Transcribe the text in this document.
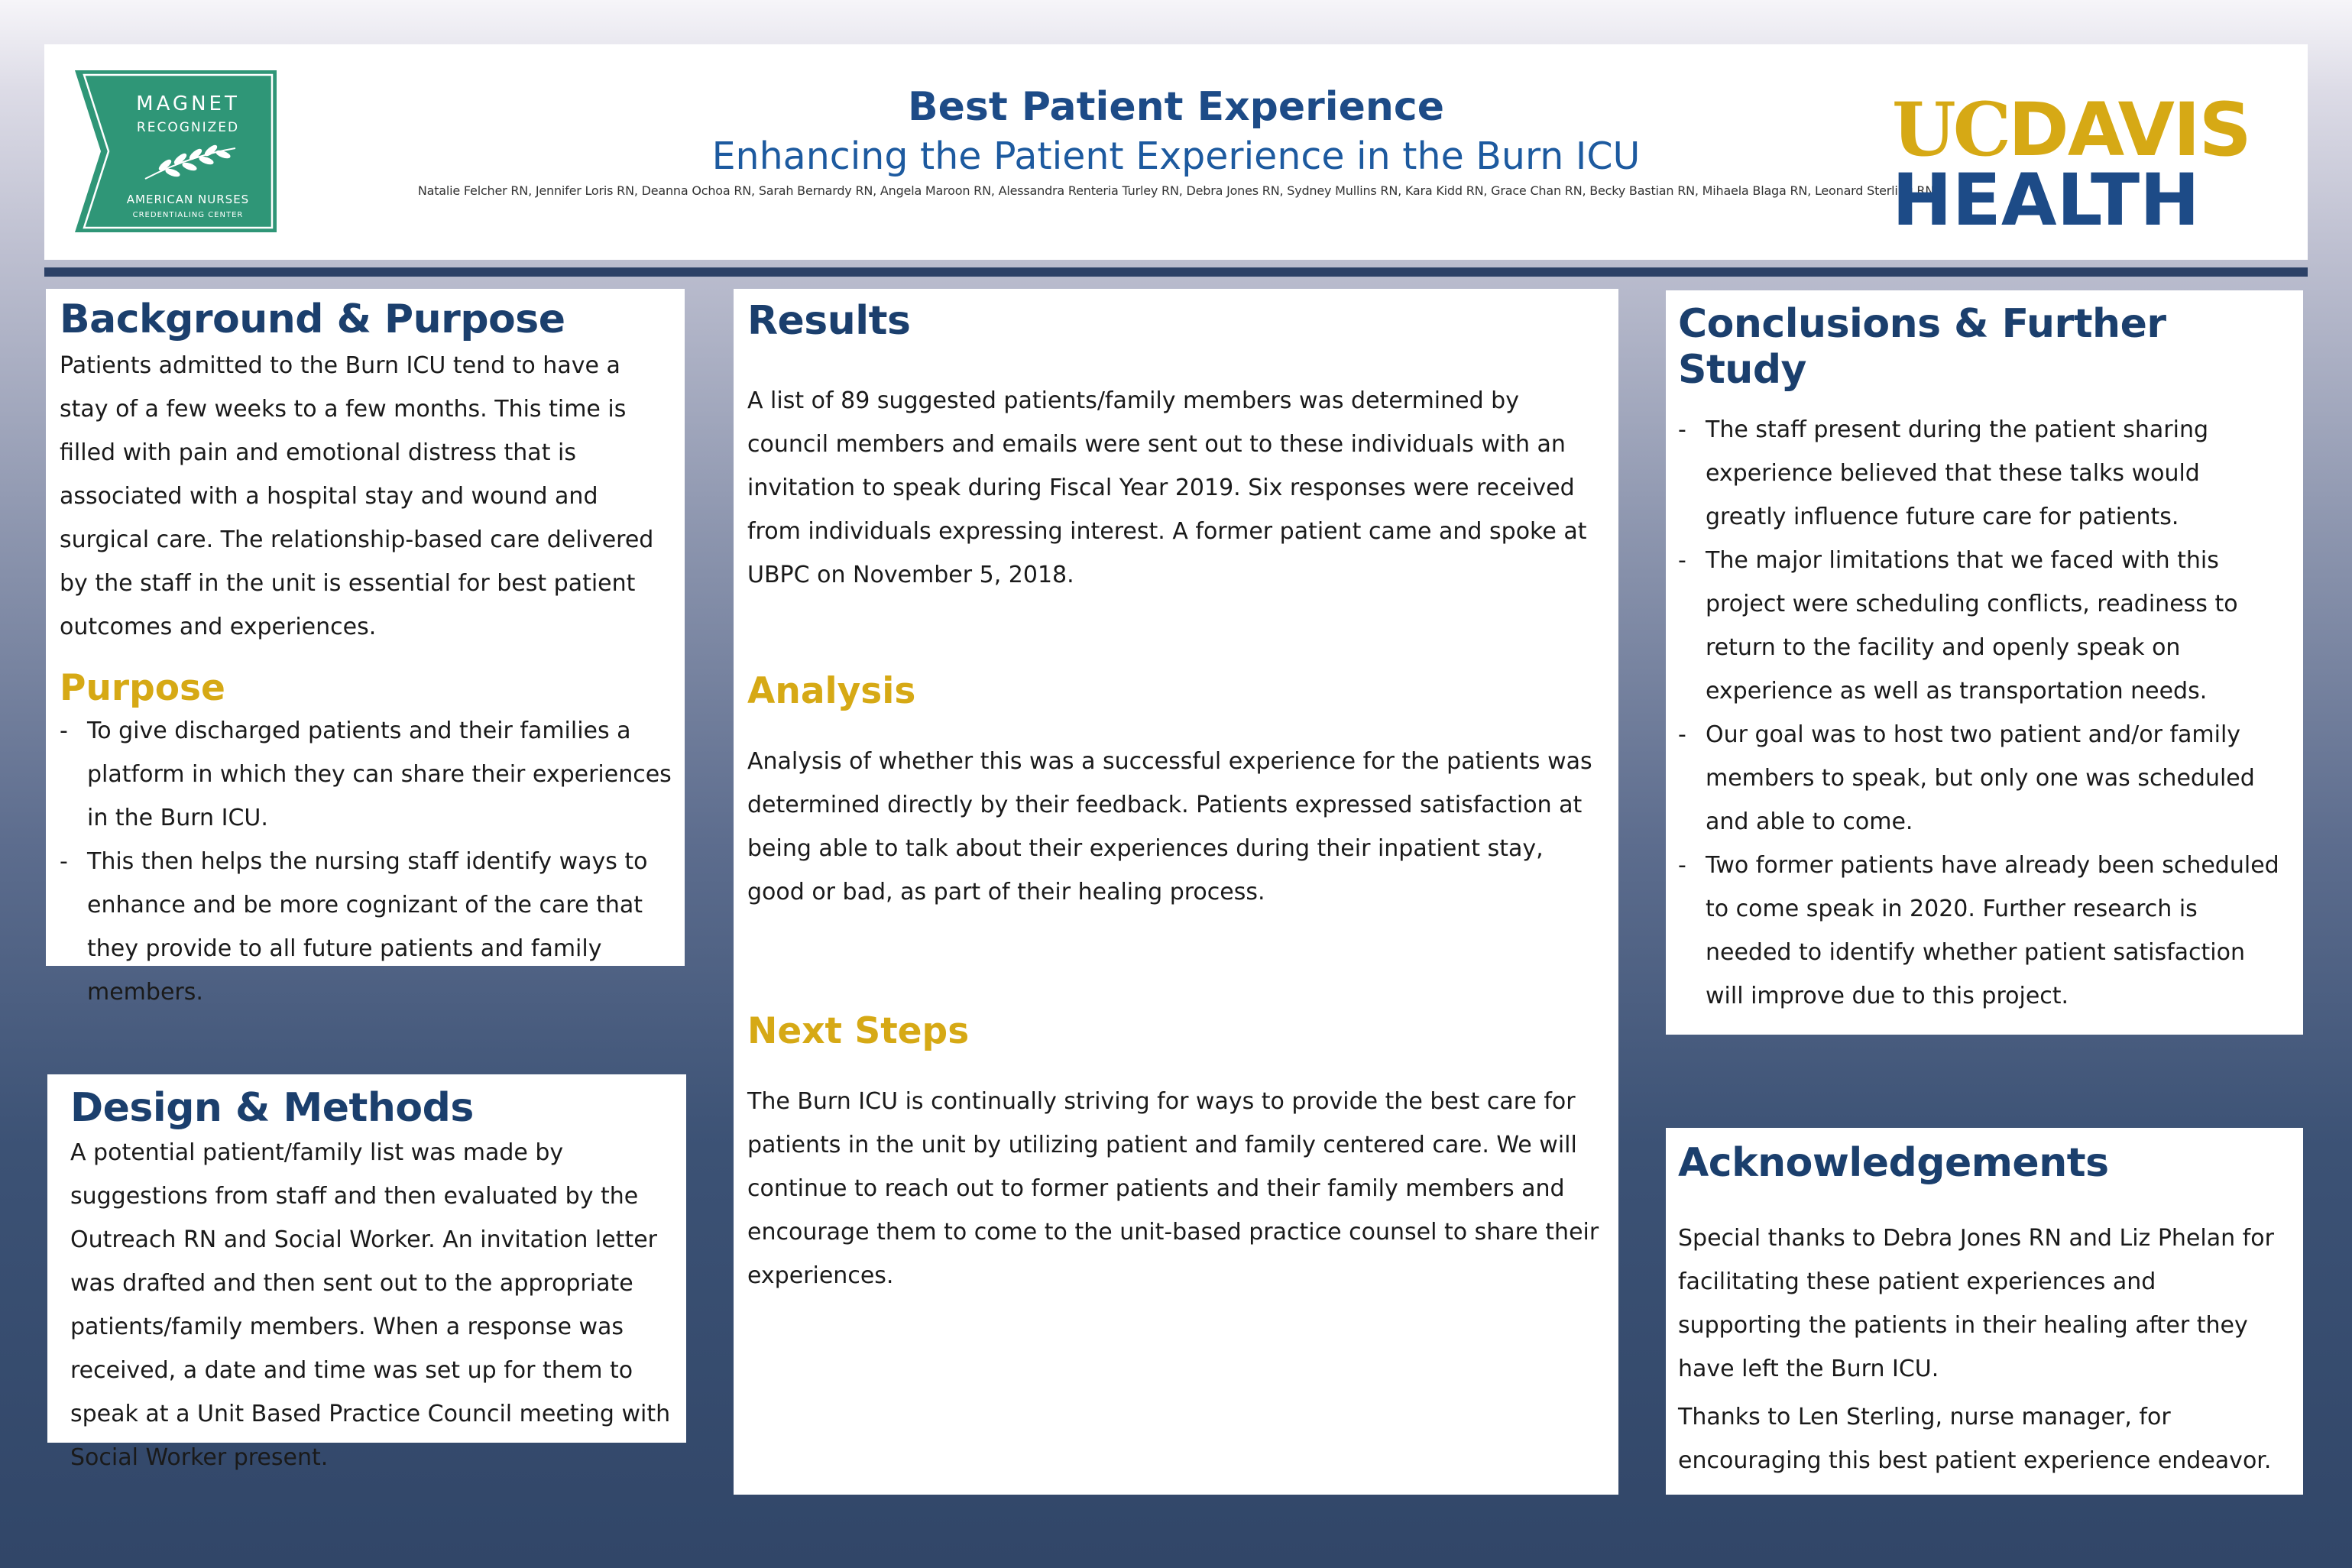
MAGNET
RECOGNIZED
AMERICAN NURSES
CREDENTIALING CENTER
Best Patient Experience
Enhancing the Patient Experience in the Burn ICU
Natalie Felcher RN, Jennifer Loris RN, Deanna Ochoa RN, Sarah Bernardy RN, Angela Maroon RN, Alessandra Renteria Turley RN, Debra Jones RN, Sydney Mullins RN, Kara Kidd RN, Grace Chan RN, Becky Bastian RN, Mihaela Blaga RN, Leonard Sterling RN
UCDAVIS
HEALTH
Background & Purpose

Patients admitted to the Burn ICU tend to have a stay of a few weeks to a few months. This time is filled with pain and emotional distress that is associated with a hospital stay and wound and surgical care. The relationship-based care delivered by the staff in the unit is essential for best patient outcomes and experiences.

Purpose
- To give discharged patients and their families a platform in which they can share their experiences in the Burn ICU.
- This then helps the nursing staff identify ways to enhance and be more cognizant of the care that they provide to all future patients and family members.
Design & Methods

A potential patient/family list was made by suggestions from staff and then evaluated by the Outreach RN and Social Worker. An invitation letter was drafted and then sent out to the appropriate patients/family members. When a response was received, a date and time was set up for them to speak at a Unit Based Practice Council meeting with Social Worker present.

Results

A list of 89 suggested patients/family members was determined by council members and emails were sent out to these individuals with an invitation to speak during Fiscal Year 2019. Six responses were received from individuals expressing interest. A former patient came and spoke at UBPC on November 5, 2018.

Analysis

Analysis of whether this was a successful experience for the patients was determined directly by their feedback. Patients expressed satisfaction at being able to talk about their experiences during their inpatient stay, good or bad, as part of their healing process.

Next Steps

The Burn ICU is continually striving for ways to provide the best care for patients in the unit by utilizing patient and family centered care. We will continue to reach out to former patients and their family members and encourage them to come to the unit-based practice counsel to share their experiences.

Conclusions & Further Study
- The staff present during the patient sharing experience believed that these talks would greatly influence future care for patients.
- The major limitations that we faced with this project were scheduling conflicts, readiness to return to the facility and openly speak on experience as well as transportation needs.
- Our goal was to host two patient and/or family members to speak, but only one was scheduled and able to come.
- Two former patients have already been scheduled to come speak in 2020. Further research is needed to identify whether patient satisfaction will improve due to this project.
Acknowledgements

Special thanks to Debra Jones RN and Liz Phelan for facilitating these patient experiences and supporting the patients in their healing after they have left the Burn ICU.

Thanks to Len Sterling, nurse manager, for encouraging this best patient experience endeavor.
